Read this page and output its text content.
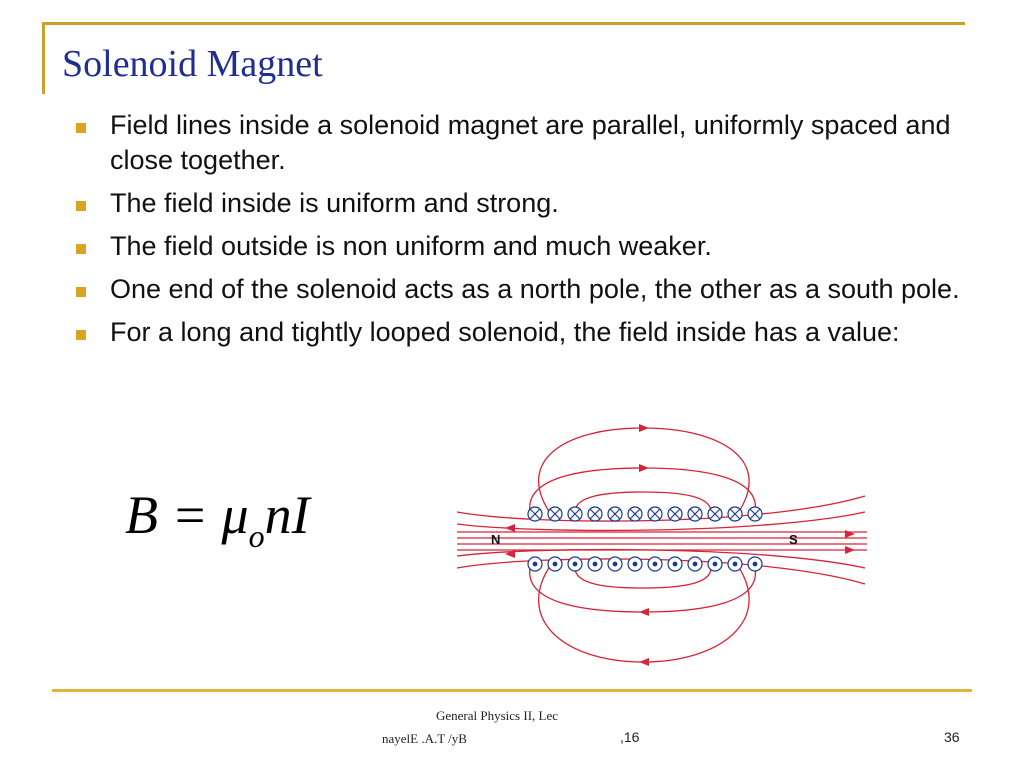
Solenoid Magnet
Field lines inside a solenoid magnet are parallel, uniformly spaced and close together.
The field inside is uniform and strong.
The field outside is non uniform and much weaker.
One end of the solenoid acts as a north pole, the other as a south pole.
For a long and tightly looped solenoid, the field inside has a value:
$B = \mu_onI$	N	S
General Physics II, Lec
nayelE .A.T /yB	,16	36
